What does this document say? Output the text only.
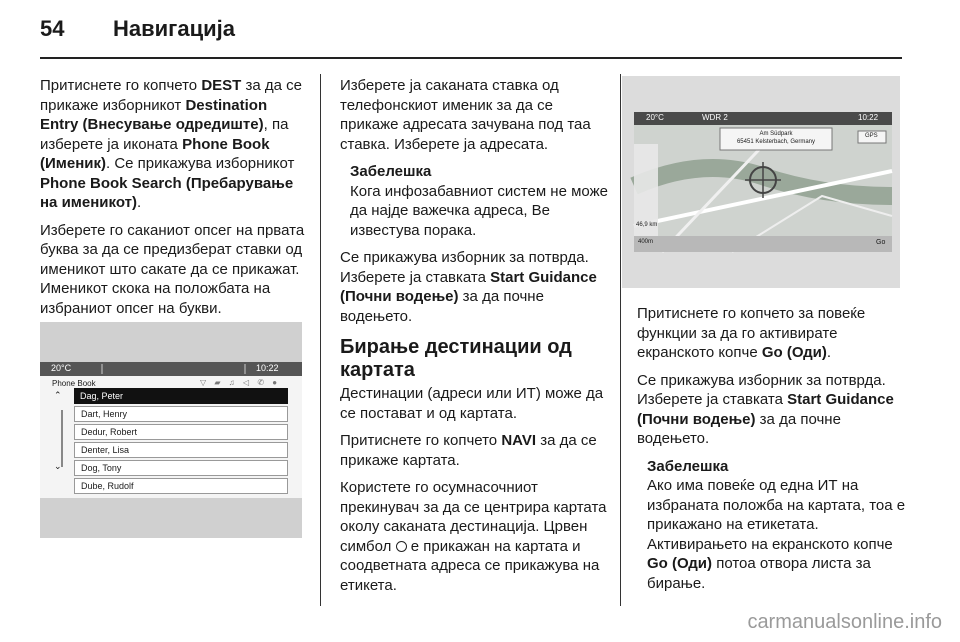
54 Навигација

Притиснете го копчето DEST за да се прикаже изборникот Destination Entry (Внесување одредиште), па изберете ја иконата Phone Book (Именик). Се прикажува изборникот Phone Book Search (Пребарување на именикот).

Изберете го саканиот опсег на првата буква за да се предизберат ставки од именикот што сакате да се прикажат. Именикот скока на положбата на избраниот опсег на букви.

20°C	10:22
Phone Book	▽ ▰ ♫ ◁ ✆ ●
⌃
⌄
Dag, Peter
Dart, Henry
Dedur, Robert
Denter, Lisa
Dog, Tony
Dube, Rudolf

Изберете ја саканата ставка од телефонскиот именик за да се прикаже адресата зачувана под таа ставка. Изберете ја адресата.

Забелешка
Кога инфозабавниот систем не може да најде важечка адреса, Ве известува порака.

Се прикажува изборник за потврда. Изберете ја ставката Start Guidance (Почни водење) за да почне водењето.

Бирање дестинации од картата

Дестинации (адреси или ИТ) може да се поставaт и од картата.

Притиснете го копчето NAVI за да се прикаже картата.

Користете го осумнасочниот прекинувач за да се центрира картата околу саканата дестинација. Црвен симбол  е прикажан на картата и соодветната адреса се прикажува на етикета.

20°C	WDR 2	10:22
Am Südpark
65451 Kelsterbach, Germany
GPS
46,9 km
400m	Go

Притиснете го копчето за повеќе функции за да го активирате екранското копче Go (Оди).

Се прикажува изборник за потврда. Изберете ја ставката Start Guidance (Почни водење) за да почне водењето.

Забелешка
Ако има повеќе од една ИТ на избраната положба на картата, тоа е прикажано на етикетата. Активирањето на екранското копче Go (Оди) потоа отвора листа за бирање.
carmanualsonline.info
